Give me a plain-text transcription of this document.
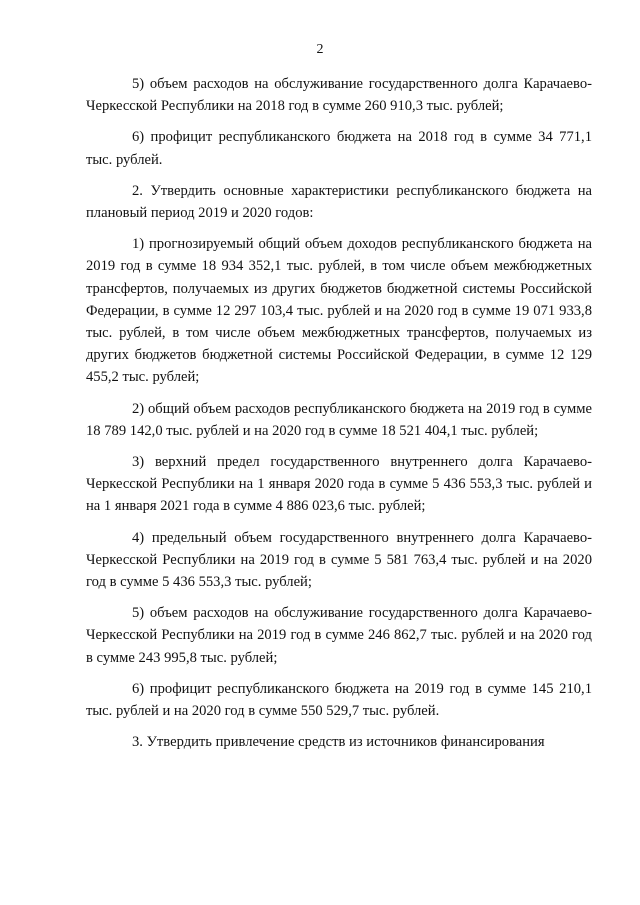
2

5) объем расходов на обслуживание государственного долга Карачаево-Черкесской Республики на 2018 год в сумме 260 910,3 тыс. рублей;

6) профицит республиканского бюджета на 2018 год в сумме 34 771,1 тыс. рублей.

2. Утвердить основные характеристики республиканского бюджета на плановый период 2019 и 2020 годов:

1) прогнозируемый общий объем доходов республиканского бюджета на 2019 год в сумме 18 934 352,1 тыс. рублей, в том числе объем межбюджетных трансфертов, получаемых из других бюджетов бюджетной системы Российской Федерации, в сумме 12 297 103,4 тыс. рублей и на 2020 год в сумме 19 071 933,8 тыс. рублей, в том числе объем межбюджетных трансфертов, получаемых из других бюджетов бюджетной системы Российской Федерации, в сумме 12 129 455,2 тыс. рублей;

2) общий объем расходов республиканского бюджета на 2019 год в сумме 18 789 142,0 тыс. рублей и на 2020 год в сумме 18 521 404,1 тыс. рублей;

3) верхний предел государственного внутреннего долга Карачаево-Черкесской Республики на 1 января 2020 года в сумме 5 436 553,3 тыс. рублей и на 1 января 2021 года в сумме 4 886 023,6 тыс. рублей;

4) предельный объем государственного внутреннего долга Карачаево-Черкесской Республики на 2019 год в сумме 5 581 763,4 тыс. рублей и на 2020 год в сумме 5 436 553,3 тыс. рублей;

5) объем расходов на обслуживание государственного долга Карачаево-Черкесской Республики на 2019 год в сумме 246 862,7 тыс. рублей и на 2020 год в сумме 243 995,8 тыс. рублей;

6) профицит республиканского бюджета на 2019 год в сумме 145 210,1 тыс. рублей и на 2020 год в сумме 550 529,7 тыс. рублей.

3. Утвердить привлечение средств из источников финансирования
